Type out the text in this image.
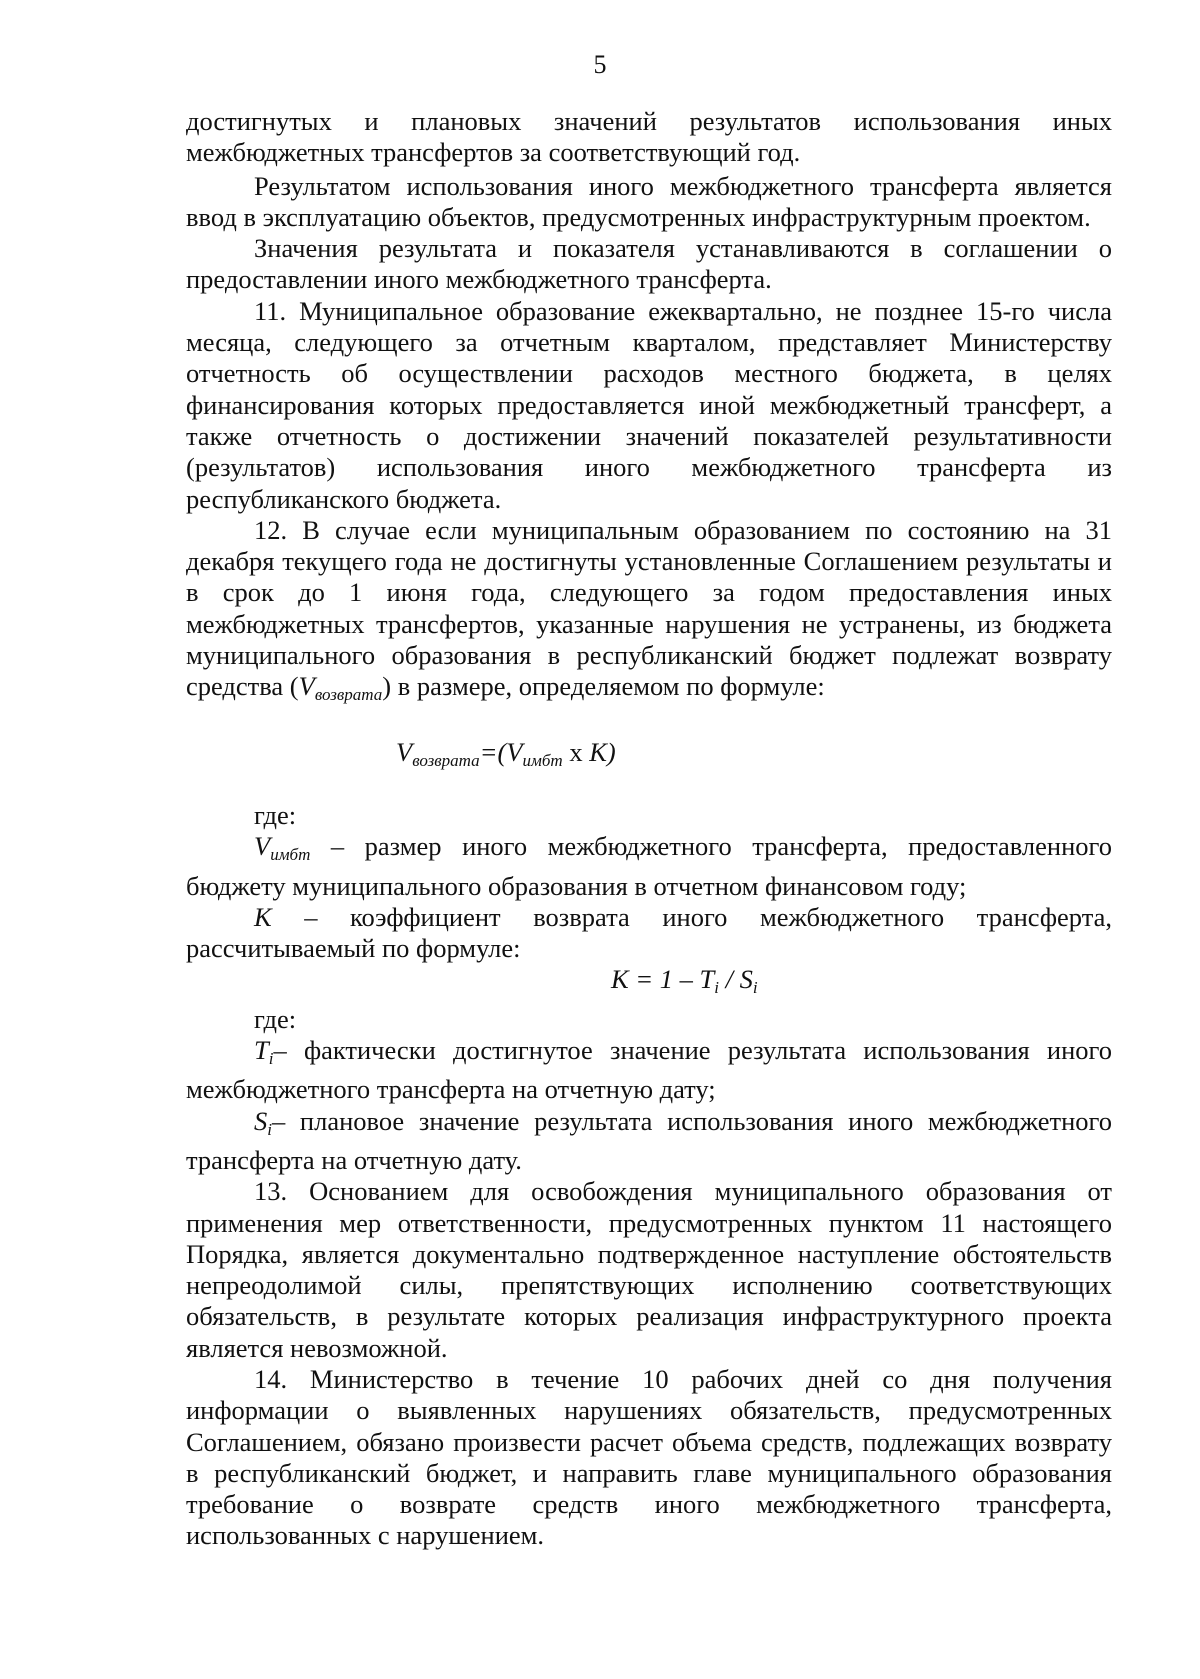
5

достигнутых и плановых значений результатов использования иных межбюджетных трансфертов за соответствующий год.

Результатом использования иного межбюджетного трансферта является ввод в эксплуатацию объектов, предусмотренных инфраструктурным проектом.

Значения результата и показателя устанавливаются в соглашении о предоставлении иного межбюджетного трансферта.

11. Муниципальное образование ежеквартально, не позднее 15-го числа месяца, следующего за отчетным кварталом, представляет Министерству отчетность об осуществлении расходов местного бюджета, в целях финансирования которых предоставляется иной межбюджетный трансферт, а также отчетность о достижении значений показателей результативности (результатов) использования иного межбюджетного трансферта из республиканского бюджета.

12. В случае если муниципальным образованием по состоянию на 31 декабря текущего года не достигнуты установленные Соглашением результаты и в срок до 1 июня года, следующего за годом предоставления иных межбюджетных трансфертов, указанные нарушения не устранены, из бюджета муниципального образования в республиканский бюджет подлежат возврату средства $(V_{возврата})$ в размере, определяемом по формуле:

$V_{возврата}=(V_{имбт}$ x К)

где:

$V_{имбт}$ – размер иного межбюджетного трансферта, предоставленного бюджету муниципального образования в отчетном финансовом году;

К – коэффициент возврата иного межбюджетного трансферта, рассчитываемый по формуле:

$К = 1 - T_i / S_i$

где:

$T_i-$ фактически достигнутое значение результата использования иного межбюджетного трансферта на отчетную дату;

$S_i-$ плановое значение результата использования иного межбюджетного трансферта на отчетную дату.

13. Основанием для освобождения муниципального образования от применения мер ответственности, предусмотренных пунктом 11 настоящего Порядка, является документально подтвержденное наступление обстоятельств непреодолимой силы, препятствующих исполнению соответствующих обязательств, в результате которых реализация инфраструктурного проекта является невозможной.

14. Министерство в течение 10 рабочих дней со дня получения информации о выявленных нарушениях обязательств, предусмотренных Соглашением, обязано произвести расчет объема средств, подлежащих возврату в республиканский бюджет, и направить главе муниципального образования требование о возврате средств иного межбюджетного трансферта, использованных с нарушением.
